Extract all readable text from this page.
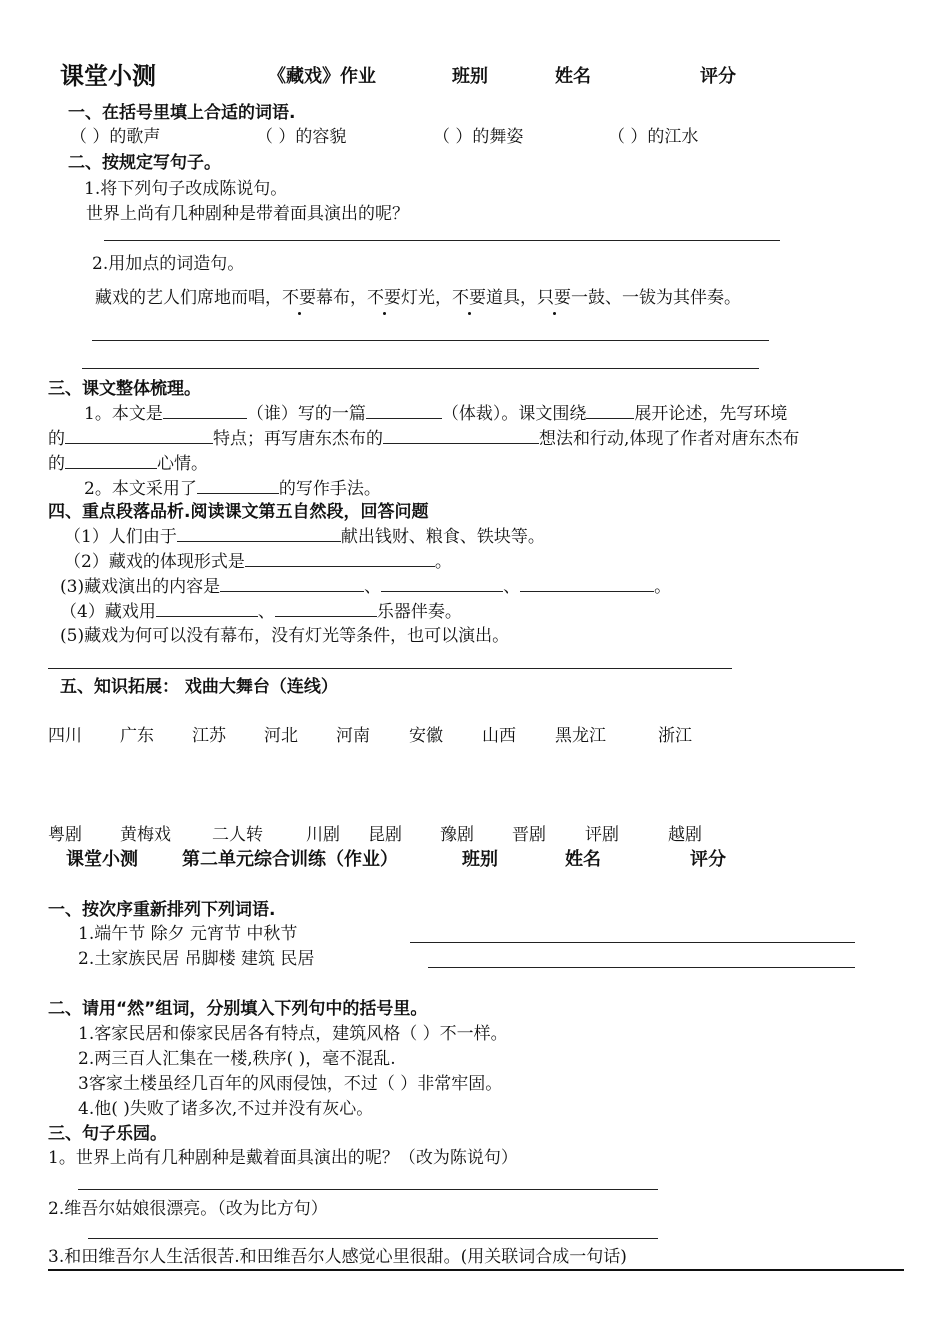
课堂小测	《藏戏》作业	班别	姓名	评分
一、在括号里填上合适的词语.
（ ）的歌声	（ ）的容貌	（ ）的舞姿	（ ）的江水
二、按规定写句子。
1.将下列句子改成陈说句。
世界上尚有几种剧种是带着面具演出的呢？
2.用加点的词造句。
藏戏的艺人们席地而唱，不要幕布，不要灯光，不要道具，只要一鼓、一钹为其伴奏。
三、课文整体梳理。
1。本文是	（谁）写的一篇	（体裁）。课文围绕	展开论述，先写环境
的	特点；再写唐东杰布的	想法和行动,体现了作者对唐东杰布
的	心情。
2。本文采用了	的写作手法。
四、重点段落品析.阅读课文第五自然段，回答问题
（1）人们由于	献出钱财、粮食、铁块等。
（2）藏戏的体现形式是	。
(3)藏戏演出的内容是	、	、	。
（4）藏戏用	、	乐器伴奏。
(5)藏戏为何可以没有幕布，没有灯光等条件，也可以演出。
五、知识拓展： 戏曲大舞台（连线）
四川 广东 江苏 河北 河南 安徽 山西 黑龙江	浙江
粤剧 黄梅戏 二人转	川剧 昆剧 豫剧 晋剧 评剧	越剧
课堂小测 第二单元综合训练（作业）	班别	姓名	评分
一、按次序重新排列下列词语.
1.端午节 除夕 元宵节 中秋节
2.土家族民居 吊脚楼 建筑 民居
二、请用“然”组词，分别填入下列句中的括号里。
1.客家民居和傣家民居各有特点，建筑风格（ ）不一样。
2.两三百人汇集在一楼,秩序( )，毫不混乱.
3客家土楼虽经几百年的风雨侵蚀，不过（ ）非常牢固。
4.他( )失败了诸多次,不过并没有灰心。
三、句子乐园。
1。世界上尚有几种剧种是戴着面具演出的呢？（改为陈说句）
2.维吾尔姑娘很漂亮。（改为比方句）
3.和田维吾尔人生活很苦.和田维吾尔人感觉心里很甜。(用关联词合成一句话)
